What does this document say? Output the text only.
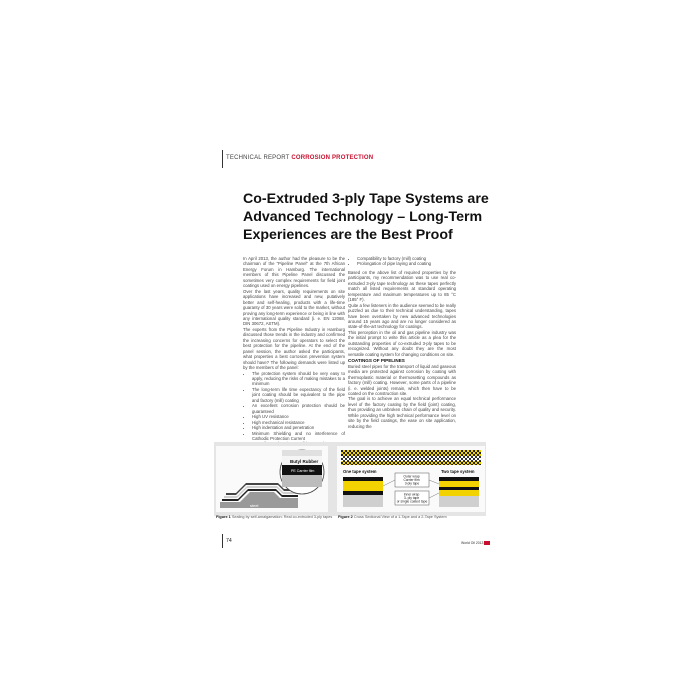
TECHNICAL REPORT CORROSION PROTECTION
Co-Extruded 3-ply Tape Systems are
Advanced Technology – Long-Term
Experiences are the Best Proof

In April 2013, the author had the pleasure to be the chairman of the “Pipeline Panel” at the 7th African Energy Forum in Hamburg. The international members of this Pipeline Panel discussed the sometimes very complex requirements for field joint coatings used on energy pipelines.

Over the last years, quality requirements on site applications have increased and new, putatively better and self-healing, products with a life-time guaranty of 30 years were sold to the market, without proving any long-term experience or being in line with any international quality standard (i. e. EN 12068, DIN 30672, ASTM).

The experts from the Pipeline Industry in Hamburg discussed those trends in the industry and confirmed the increasing concerns for operators to select the best protection for the pipeline. At the end of the panel session, the author asked the participants, what properties a best corrosion prevention system should have? The following demands were listed up by the members of the panel:

• The protection system should be very easy to apply, reducing the risks of making mistakes to a minimum
• The long-term life time expectancy of the field joint coating should be equivalent to the pipe and factory (mill) coating
• An excellent corrosion protection should be guaranteed
• High UV resistance
• High mechanical resistance
• High indentation and penetration
• Minimum Shielding and no interference of Cathodic Protection Current
•
• Compatibility to factory (mill) coating
• Prolongation of pipe laying and coating

Based on the above list of required properties by the participants, my recommendation was to use real co-extruded 3-ply tape technology as these tapes perfectly match all listed requirements at standard operating temperature and maximum temperatures up to 85 °C (185° F).

Quite a few listeners in the audience seemed to be really puzzled as due to their technical understanding, tapes have been overtaken by new advanced technologies around 15 years ago and are no longer considered as state-of-the-art technology for coatings.

This perception in the oil and gas pipeline industry was the initial prompt to write this article as a plea for the outstanding properties of co-extruded 3-ply tapes to be recognized. Without any doubt they are the most versatile coating system for changing conditions on site.

COATINGS OF PIPELINES

Buried steel pipes for the transport of liquid and gaseous media are protected against corrosion by coating with thermoplastic material or thermosetting compounds as factory (mill) coating. However, some parts of a pipeline (i. e. welded joints) remain, which then have to be coated on the construction site.

The goal is to achieve an equal technical performance level of the factory coating by the field (joint) coating, thus providing an unbroken chain of quality and security. While providing the high technical performance level on site by the field coatings, the ease on site application, reducing the

steel
Butyl Rubber
PE Carrier film	One tape system	Two tape system
Outer wrap Carrier film 3-ply tape
Inner wrap 3- ply tape or single coated tape
Figure 1 Sealing by self-amalgamation: Real co-extruded 3-ply tapes Figure 2 Cross Sectional View of a 1-Tape and a 2-Tape System
74	World Oil 2013
